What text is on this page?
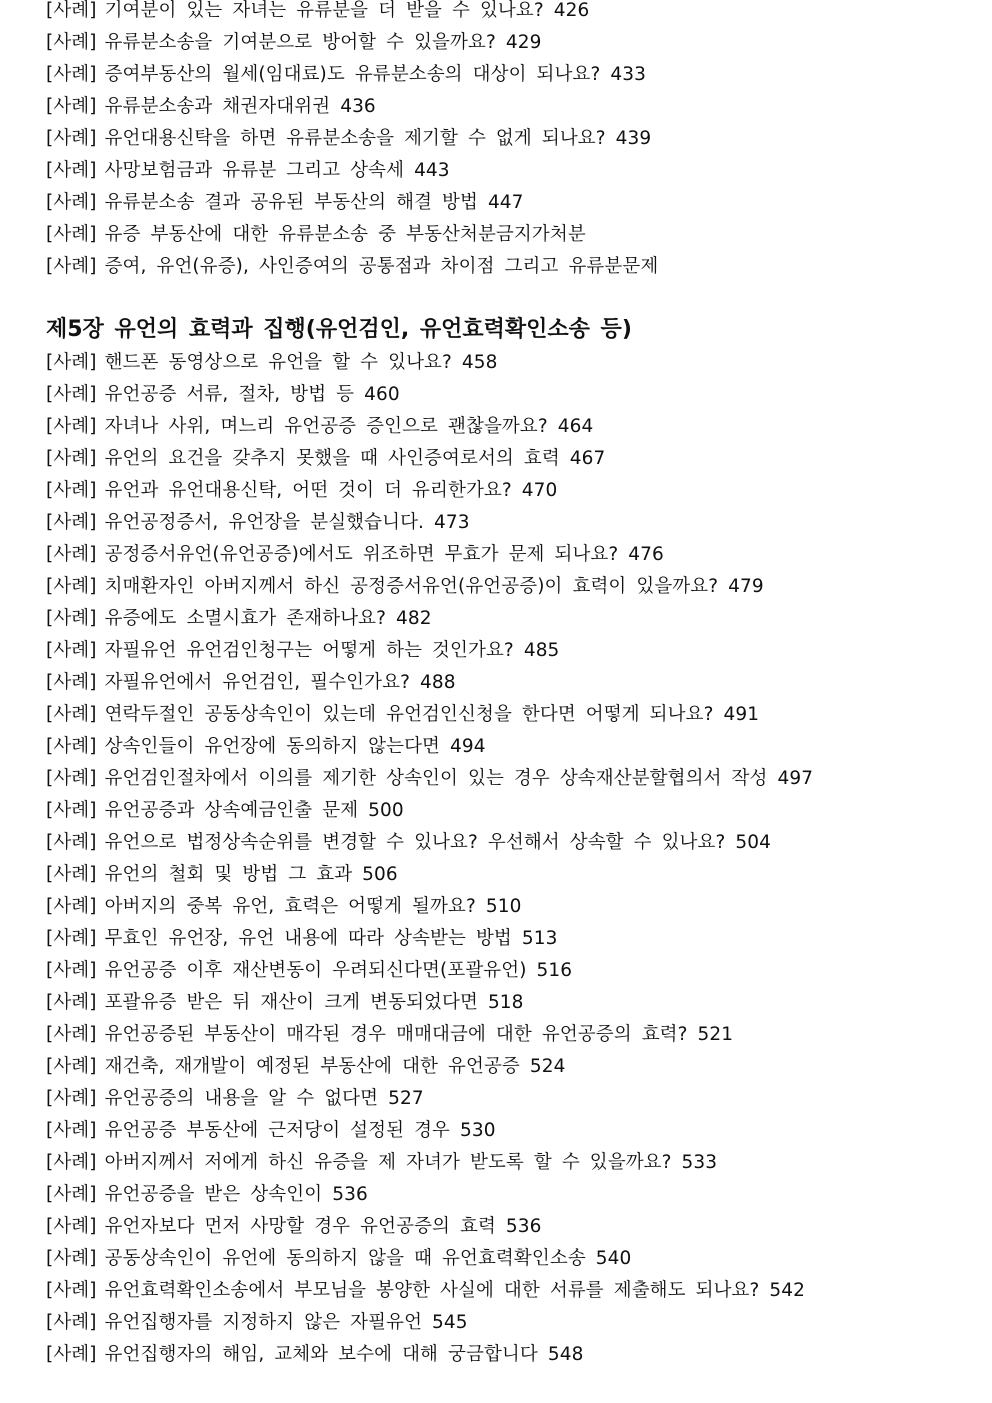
[사례] 기여분이 있는 자녀는 유류분을 더 받을 수 있나요? 426
[사례] 유류분소송을 기여분으로 방어할 수 있을까요? 429
[사례] 증여부동산의 월세(임대료)도 유류분소송의 대상이 되나요? 433
[사례] 유류분소송과 채권자대위권 436
[사례] 유언대용신탁을 하면 유류분소송을 제기할 수 없게 되나요? 439
[사례] 사망보험금과 유류분 그리고 상속세 443
[사례] 유류분소송 결과 공유된 부동산의 해결 방법 447
[사례] 유증 부동산에 대한 유류분소송 중 부동산처분금지가처분
[사례] 증여, 유언(유증), 사인증여의 공통점과 차이점 그리고 유류분문제
제5장 유언의 효력과 집행(유언검인, 유언효력확인소송 등)
[사례] 핸드폰 동영상으로 유언을 할 수 있나요? 458
[사례] 유언공증 서류, 절차, 방법 등 460
[사례] 자녀나 사위, 며느리 유언공증 증인으로 괜찮을까요? 464
[사례] 유언의 요건을 갖추지 못했을 때 사인증여로서의 효력 467
[사례] 유언과 유언대용신탁, 어떤 것이 더 유리한가요? 470
[사례] 유언공정증서, 유언장을 분실했습니다. 473
[사례] 공정증서유언(유언공증)에서도 위조하면 무효가 문제 되나요? 476
[사례] 치매환자인 아버지께서 하신 공정증서유언(유언공증)이 효력이 있을까요? 479
[사례] 유증에도 소멸시효가 존재하나요? 482
[사례] 자필유언 유언검인청구는 어떻게 하는 것인가요? 485
[사례] 자필유언에서 유언검인, 필수인가요? 488
[사례] 연락두절인 공동상속인이 있는데 유언검인신청을 한다면 어떻게 되나요? 491
[사례] 상속인들이 유언장에 동의하지 않는다면 494
[사례] 유언검인절차에서 이의를 제기한 상속인이 있는 경우 상속재산분할협의서 작성 497
[사례] 유언공증과 상속예금인출 문제 500
[사례] 유언으로 법정상속순위를 변경할 수 있나요? 우선해서 상속할 수 있나요? 504
[사례] 유언의 철회 및 방법 그 효과 506
[사례] 아버지의 중복 유언, 효력은 어떻게 될까요? 510
[사례] 무효인 유언장, 유언 내용에 따라 상속받는 방법 513
[사례] 유언공증 이후 재산변동이 우려되신다면(포괄유언) 516
[사례] 포괄유증 받은 뒤 재산이 크게 변동되었다면 518
[사례] 유언공증된 부동산이 매각된 경우 매매대금에 대한 유언공증의 효력? 521
[사례] 재건축, 재개발이 예정된 부동산에 대한 유언공증 524
[사례] 유언공증의 내용을 알 수 없다면 527
[사례] 유언공증 부동산에 근저당이 설정된 경우 530
[사례] 아버지께서 저에게 하신 유증을 제 자녀가 받도록 할 수 있을까요? 533
[사례] 유언공증을 받은 상속인이 536
[사례] 유언자보다 먼저 사망할 경우 유언공증의 효력 536
[사례] 공동상속인이 유언에 동의하지 않을 때 유언효력확인소송 540
[사례] 유언효력확인소송에서 부모님을 봉양한 사실에 대한 서류를 제출해도 되나요? 542
[사례] 유언집행자를 지정하지 않은 자필유언 545
[사례] 유언집행자의 해임, 교체와 보수에 대해 궁금합니다 548
